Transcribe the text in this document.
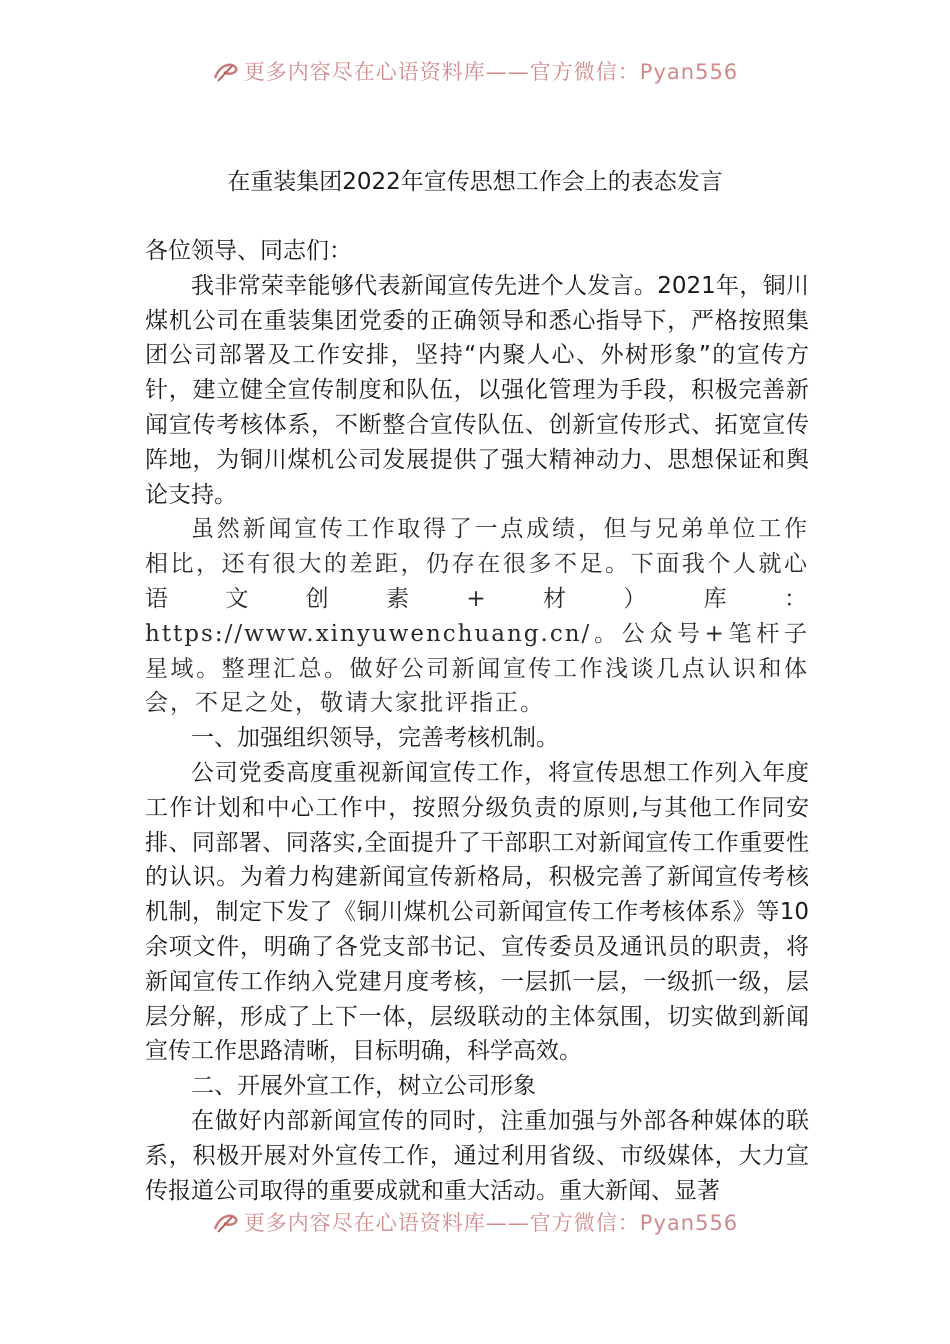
更多内容尽在心语资料库——官方微信：Pyan556
在重装集团2022年宣传思想工作会上的表态发言

各位领导、同志们：

我非常荣幸能够代表新闻宣传先进个人发言。2021年，铜川煤机公司在重装集团党委的正确领导和悉心指导下，严格按照集团公司部署及工作安排，坚持“内聚人心、外树形象”的宣传方针，建立健全宣传制度和队伍，以强化管理为手段，积极完善新闻宣传考核体系，不断整合宣传队伍、创新宣传形式、拓宽宣传阵地，为铜川煤机公司发展提供了强大精神动力、思想保证和舆论支持。

虽然新闻宣传工作取得了一点成绩，但与兄弟单位工作相比，还有很大的差距，仍存在很多不足。下面我个人就心语文创素+材）库：https://www.xinyuwenchuang.cn/。公众号+笔杆子星域。整理汇总。做好公司新闻宣传工作浅谈几点认识和体会，不足之处，敬请大家批评指正。

一、加强组织领导，完善考核机制。

公司党委高度重视新闻宣传工作，将宣传思想工作列入年度工作计划和中心工作中，按照分级负责的原则,与其他工作同安排、同部署、同落实,全面提升了干部职工对新闻宣传工作重要性的认识。为着力构建新闻宣传新格局，积极完善了新闻宣传考核机制，制定下发了《铜川煤机公司新闻宣传工作考核体系》等10余项文件，明确了各党支部书记、宣传委员及通讯员的职责，将新闻宣传工作纳入党建月度考核，一层抓一层，一级抓一级，层层分解，形成了上下一体，层级联动的主体氛围，切实做到新闻宣传工作思路清晰，目标明确，科学高效。

二、开展外宣工作，树立公司形象

在做好内部新闻宣传的同时，注重加强与外部各种媒体的联系，积极开展对外宣传工作，通过利用省级、市级媒体，大力宣传报道公司取得的重要成就和重大活动。重大新闻、显著

更多内容尽在心语资料库——官方微信：Pyan556
